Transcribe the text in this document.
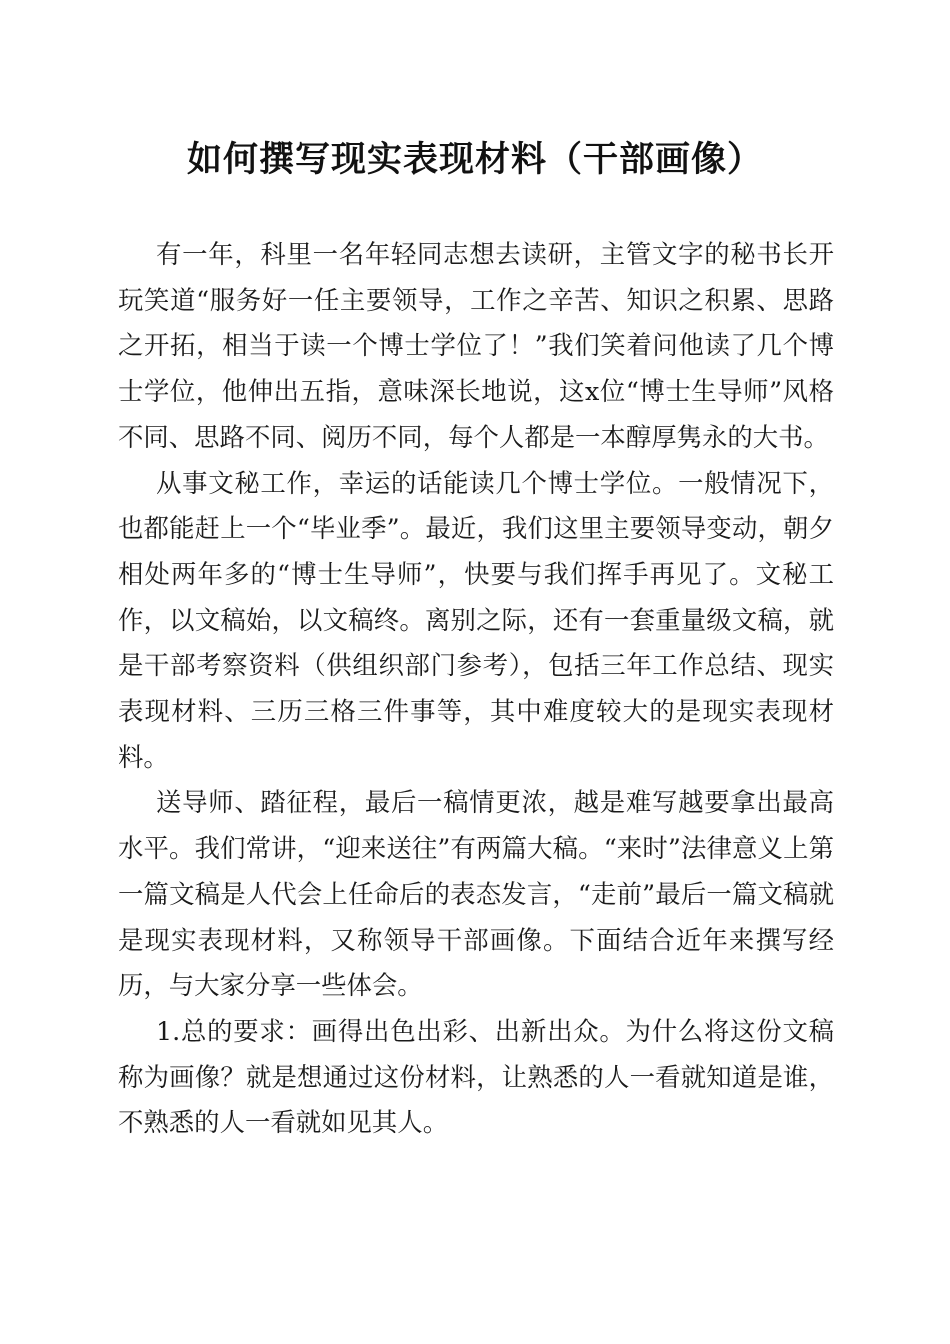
如何撰写现实表现材料（干部画像）

有一年，科里一名年轻同志想去读研，主管文字的秘书长开玩笑道“服务好一任主要领导，工作之辛苦、知识之积累、思路之开拓，相当于读一个博士学位了！”我们笑着问他读了几个博士学位，他伸出五指，意味深长地说，这x位“博士生导师”风格不同、思路不同、阅历不同，每个人都是一本醇厚隽永的大书。

从事文秘工作，幸运的话能读几个博士学位。一般情况下，也都能赶上一个“毕业季”。最近，我们这里主要领导变动，朝夕相处两年多的“博士生导师”，快要与我们挥手再见了。文秘工作，以文稿始，以文稿终。离别之际，还有一套重量级文稿，就是干部考察资料（供组织部门参考），包括三年工作总结、现实表现材料、三历三格三件事等，其中难度较大的是现实表现材料。

送导师、踏征程，最后一稿情更浓，越是难写越要拿出最高水平。我们常讲，“迎来送往”有两篇大稿。“来时”法律意义上第一篇文稿是人代会上任命后的表态发言，“走前”最后一篇文稿就是现实表现材料，又称领导干部画像。下面结合近年来撰写经历，与大家分享一些体会。

1.总的要求：画得出色出彩、出新出众。为什么将这份文稿称为画像？就是想通过这份材料，让熟悉的人一看就知道是谁，不熟悉的人一看就如见其人。
